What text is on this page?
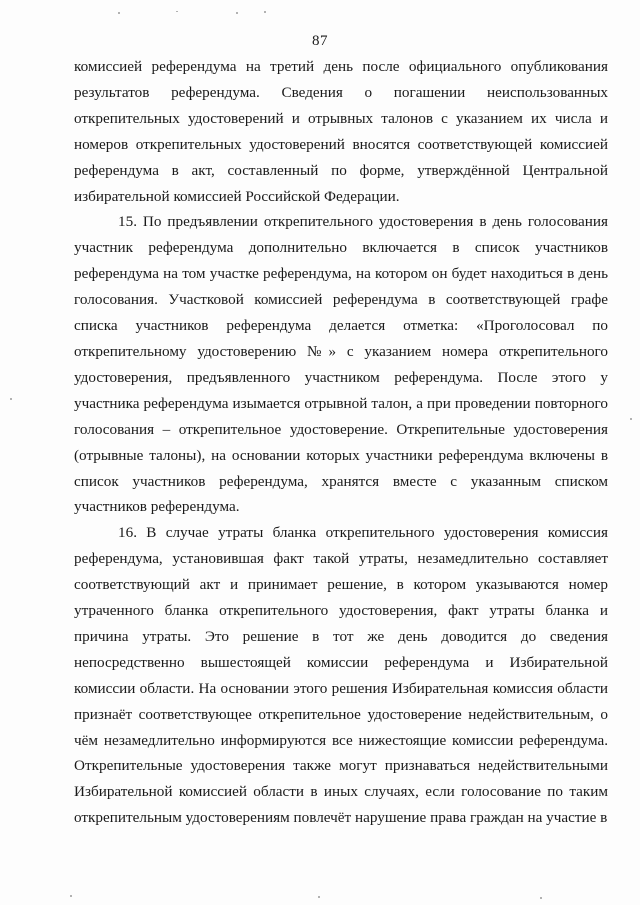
87

комиссией референдума на третий день после официального опубликования результатов референдума. Сведения о погашении неиспользованных открепительных удостоверений и отрывных талонов с указанием их числа и номеров открепительных удостоверений вносятся соответствующей комиссией референдума в акт, составленный по форме, утверждённой Центральной избирательной комиссией Российской Федерации.

15. По предъявлении открепительного удостоверения в день голосования участник референдума дополнительно включается в список участников референдума на том участке референдума, на котором он будет находиться в день голосования. Участковой комиссией референдума в соответствующей графе списка участников референдума делается отметка: «Проголосовал по открепительному удостоверению №» с указанием номера открепительного удостоверения, предъявленного участником референдума. После этого у участника референдума изымается отрывной талон, а при проведении повторного голосования – открепительное удостоверение. Открепительные удостоверения (отрывные талоны), на основании которых участники референдума включены в список участников референдума, хранятся вместе с указанным списком участников референдума.

16. В случае утраты бланка открепительного удостоверения комиссия референдума, установившая факт такой утраты, незамедлительно составляет соответствующий акт и принимает решение, в котором указываются номер утраченного бланка открепительного удостоверения, факт утраты бланка и причина утраты. Это решение в тот же день доводится до сведения непосредственно вышестоящей комиссии референдума и Избирательной комиссии области. На основании этого решения Избирательная комиссия области признаёт соответствующее открепительное удостоверение недействительным, о чём незамедлительно информируются все нижестоящие комиссии референдума. Открепительные удостоверения также могут признаваться недействительными Избирательной комиссией области в иных случаях, если голосование по таким открепительным удостоверениям повлечёт нарушение права граждан на участие в
